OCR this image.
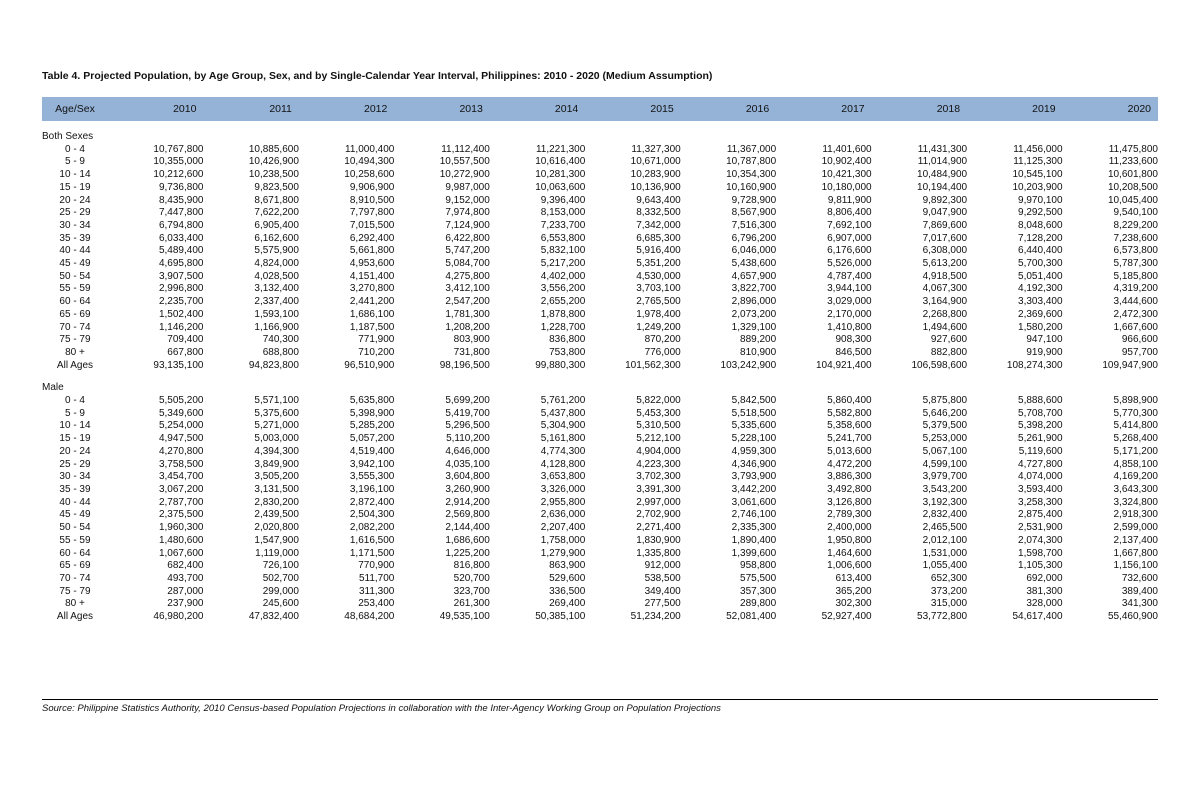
Table 4. Projected Population, by Age Group, Sex, and by Single-Calendar Year Interval, Philippines: 2010 - 2020 (Medium Assumption)
Age/Sex	2010	2011	2012	2013	2014	2015	2016	2017	2018	2019	2020

Both Sexes											
0 - 4	10,767,800	10,885,600	11,000,400	11,112,400	11,221,300	11,327,300	11,367,000	11,401,600	11,431,300	11,456,000	11,475,800
5 - 9	10,355,000	10,426,900	10,494,300	10,557,500	10,616,400	10,671,000	10,787,800	10,902,400	11,014,900	11,125,300	11,233,600
10 - 14	10,212,600	10,238,500	10,258,600	10,272,900	10,281,300	10,283,900	10,354,300	10,421,300	10,484,900	10,545,100	10,601,800
15 - 19	9,736,800	9,823,500	9,906,900	9,987,000	10,063,600	10,136,900	10,160,900	10,180,000	10,194,400	10,203,900	10,208,500
20 - 24	8,435,900	8,671,800	8,910,500	9,152,000	9,396,400	9,643,400	9,728,900	9,811,900	9,892,300	9,970,100	10,045,400
25 - 29	7,447,800	7,622,200	7,797,800	7,974,800	8,153,000	8,332,500	8,567,900	8,806,400	9,047,900	9,292,500	9,540,100
30 - 34	6,794,800	6,905,400	7,015,500	7,124,900	7,233,700	7,342,000	7,516,300	7,692,100	7,869,600	8,048,600	8,229,200
35 - 39	6,033,400	6,162,600	6,292,400	6,422,800	6,553,800	6,685,300	6,796,200	6,907,000	7,017,600	7,128,200	7,238,600
40 - 44	5,489,400	5,575,900	5,661,800	5,747,200	5,832,100	5,916,400	6,046,000	6,176,600	6,308,000	6,440,400	6,573,800
45 - 49	4,695,800	4,824,000	4,953,600	5,084,700	5,217,200	5,351,200	5,438,600	5,526,000	5,613,200	5,700,300	5,787,300
50 - 54	3,907,500	4,028,500	4,151,400	4,275,800	4,402,000	4,530,000	4,657,900	4,787,400	4,918,500	5,051,400	5,185,800
55 - 59	2,996,800	3,132,400	3,270,800	3,412,100	3,556,200	3,703,100	3,822,700	3,944,100	4,067,300	4,192,300	4,319,200
60 - 64	2,235,700	2,337,400	2,441,200	2,547,200	2,655,200	2,765,500	2,896,000	3,029,000	3,164,900	3,303,400	3,444,600
65 - 69	1,502,400	1,593,100	1,686,100	1,781,300	1,878,800	1,978,400	2,073,200	2,170,000	2,268,800	2,369,600	2,472,300
70 - 74	1,146,200	1,166,900	1,187,500	1,208,200	1,228,700	1,249,200	1,329,100	1,410,800	1,494,600	1,580,200	1,667,600
75 - 79	709,400	740,300	771,900	803,900	836,800	870,200	889,200	908,300	927,600	947,100	966,600
80 +	667,800	688,800	710,200	731,800	753,800	776,000	810,900	846,500	882,800	919,900	957,700
All Ages	93,135,100	94,823,800	96,510,900	98,196,500	99,880,300	101,562,300	103,242,900	104,921,400	106,598,600	108,274,300	109,947,900

Male											
0 - 4	5,505,200	5,571,100	5,635,800	5,699,200	5,761,200	5,822,000	5,842,500	5,860,400	5,875,800	5,888,600	5,898,900
5 - 9	5,349,600	5,375,600	5,398,900	5,419,700	5,437,800	5,453,300	5,518,500	5,582,800	5,646,200	5,708,700	5,770,300
10 - 14	5,254,000	5,271,000	5,285,200	5,296,500	5,304,900	5,310,500	5,335,600	5,358,600	5,379,500	5,398,200	5,414,800
15 - 19	4,947,500	5,003,000	5,057,200	5,110,200	5,161,800	5,212,100	5,228,100	5,241,700	5,253,000	5,261,900	5,268,400
20 - 24	4,270,800	4,394,300	4,519,400	4,646,000	4,774,300	4,904,000	4,959,300	5,013,600	5,067,100	5,119,600	5,171,200
25 - 29	3,758,500	3,849,900	3,942,100	4,035,100	4,128,800	4,223,300	4,346,900	4,472,200	4,599,100	4,727,800	4,858,100
30 - 34	3,454,700	3,505,200	3,555,300	3,604,800	3,653,800	3,702,300	3,793,900	3,886,300	3,979,700	4,074,000	4,169,200
35 - 39	3,067,200	3,131,500	3,196,100	3,260,900	3,326,000	3,391,300	3,442,200	3,492,800	3,543,200	3,593,400	3,643,300
40 - 44	2,787,700	2,830,200	2,872,400	2,914,200	2,955,800	2,997,000	3,061,600	3,126,800	3,192,300	3,258,300	3,324,800
45 - 49	2,375,500	2,439,500	2,504,300	2,569,800	2,636,000	2,702,900	2,746,100	2,789,300	2,832,400	2,875,400	2,918,300
50 - 54	1,960,300	2,020,800	2,082,200	2,144,400	2,207,400	2,271,400	2,335,300	2,400,000	2,465,500	2,531,900	2,599,000
55 - 59	1,480,600	1,547,900	1,616,500	1,686,600	1,758,000	1,830,900	1,890,400	1,950,800	2,012,100	2,074,300	2,137,400
60 - 64	1,067,600	1,119,000	1,171,500	1,225,200	1,279,900	1,335,800	1,399,600	1,464,600	1,531,000	1,598,700	1,667,800
65 - 69	682,400	726,100	770,900	816,800	863,900	912,000	958,800	1,006,600	1,055,400	1,105,300	1,156,100
70 - 74	493,700	502,700	511,700	520,700	529,600	538,500	575,500	613,400	652,300	692,000	732,600
75 - 79	287,000	299,000	311,300	323,700	336,500	349,400	357,300	365,200	373,200	381,300	389,400
80 +	237,900	245,600	253,400	261,300	269,400	277,500	289,800	302,300	315,000	328,000	341,300
All Ages	46,980,200	47,832,400	48,684,200	49,535,100	50,385,100	51,234,200	52,081,400	52,927,400	53,772,800	54,617,400	55,460,900
Source: Philippine Statistics Authority, 2010 Census-based Population Projections in collaboration with the Inter-Agency Working Group on Population Projections
